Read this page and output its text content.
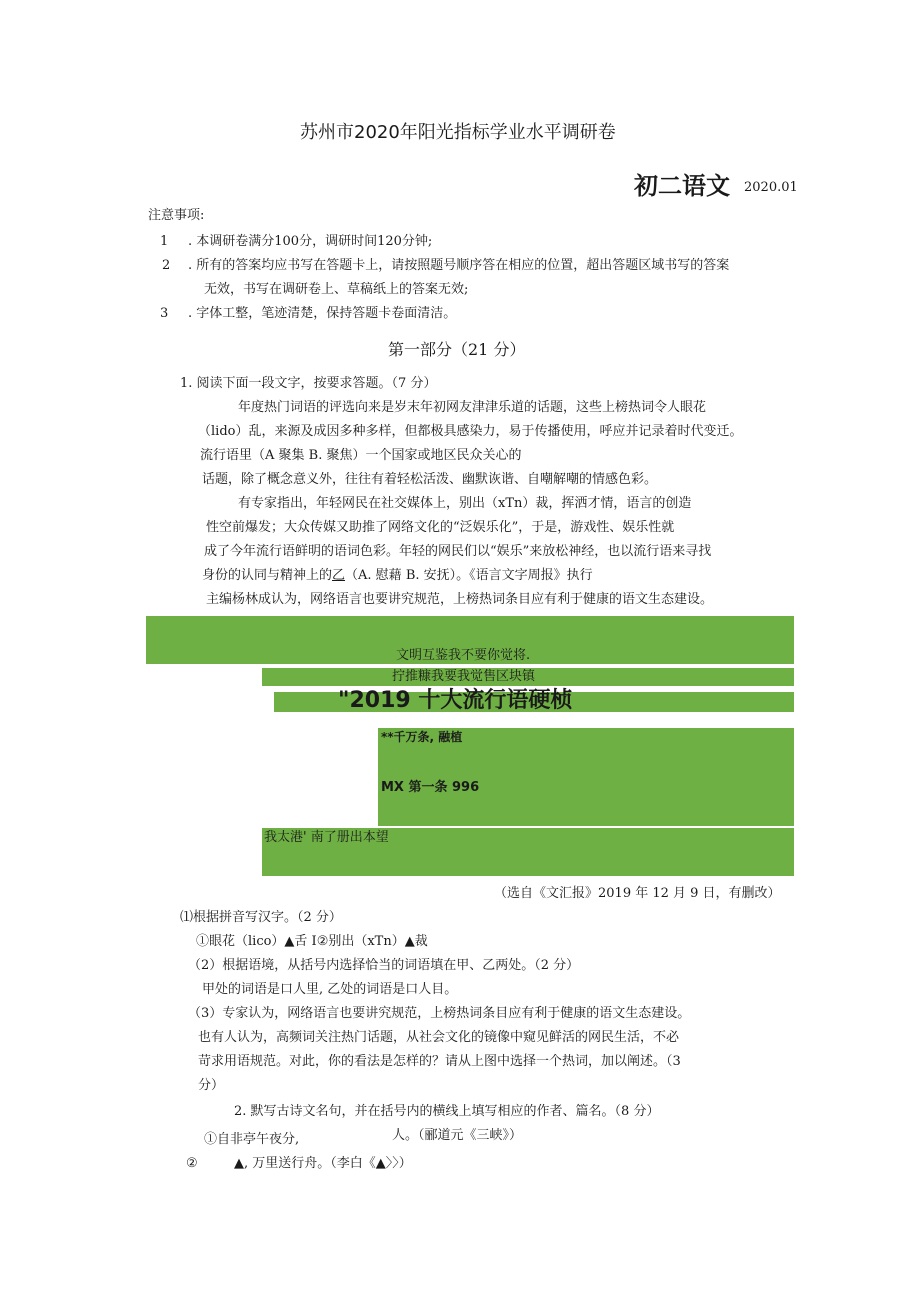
苏州市2020年阳光指标学业水平调研卷
初二语文 2020.01
注意事项:
1 . 本调研卷满分100分，调研时间120分钟;
2 . 所有的答案均应书写在答题卡上，请按照题号顺序答在相应的位置，超出答题区域书写的答案
无效，书写在调研卷上、草稿纸上的答案无效;
3 . 字体工整，笔迹清楚，保持答题卡卷面清洁。
第一部分（21 分）
1. 阅读下面一段文字，按要求答题。（7 分）
年度热门词语的评选向来是岁末年初网友津津乐道的话题，这些上榜热词令人眼花
（lido）乱，来源及成因多种多样，但都极具感染力，易于传播使用，呼应并记录着时代变迁。
流行语里（A 聚集 B. 聚焦）一个国家或地区民众关心的
话题，除了概念意义外，往往有着轻松活泼、幽默诙谐、自嘲解嘲的情感色彩。
有专家指出，年轻网民在社交媒体上，别出（xTn）裁，挥洒才情，语言的创造
性空前爆发；大众传媒又助推了网络文化的“泛娱乐化”，于是，游戏性、娱乐性就
成了今年流行语鲜明的语词色彩。年轻的网民们以“娱乐”来放松神经，也以流行语来寻找
身份的认同与精神上的乙（A. 慰藉 B. 安抚）。《语言文字周报》执行
主编杨林成认为，网络语言也要讲究规范，上榜热词条目应有利于健康的语文生态建设。
文明互鉴我不要你觉将.
拧推糠我要我觉售区块镇
"2019 十大流行语硬桢
**千万条, 融植
MX 第一条 996
我太港' 南了册出本望
（选自《文汇报》2019 年 12 月 9 日，有删改）
⑴根据拼音写汉字。（2 分）
①眼花（lico）▲舌 I②别出（xTn）▲裁
（2）根据语境，从括号内选择恰当的词语填在甲、乙两处。（2 分）
甲处的词语是口人里, 乙处的词语是口人目。
（3）专家认为，网络语言也要讲究规范，上榜热词条目应有利于健康的语文生态建设。
也有人认为，高频词关注热门话题，从社会文化的镜像中窥见鲜活的网民生活，不必
苛求用语规范。对此，你的看法是怎样的？请从上图中选择一个热词，加以阐述。（3
分）
2. 默写古诗文名句，并在括号内的横线上填写相应的作者、篇名。（8 分）
①自非亭午夜分,	人。（郦道元《三峡》）
②	▲, 万里送行舟。（李白《▲〉〉）
